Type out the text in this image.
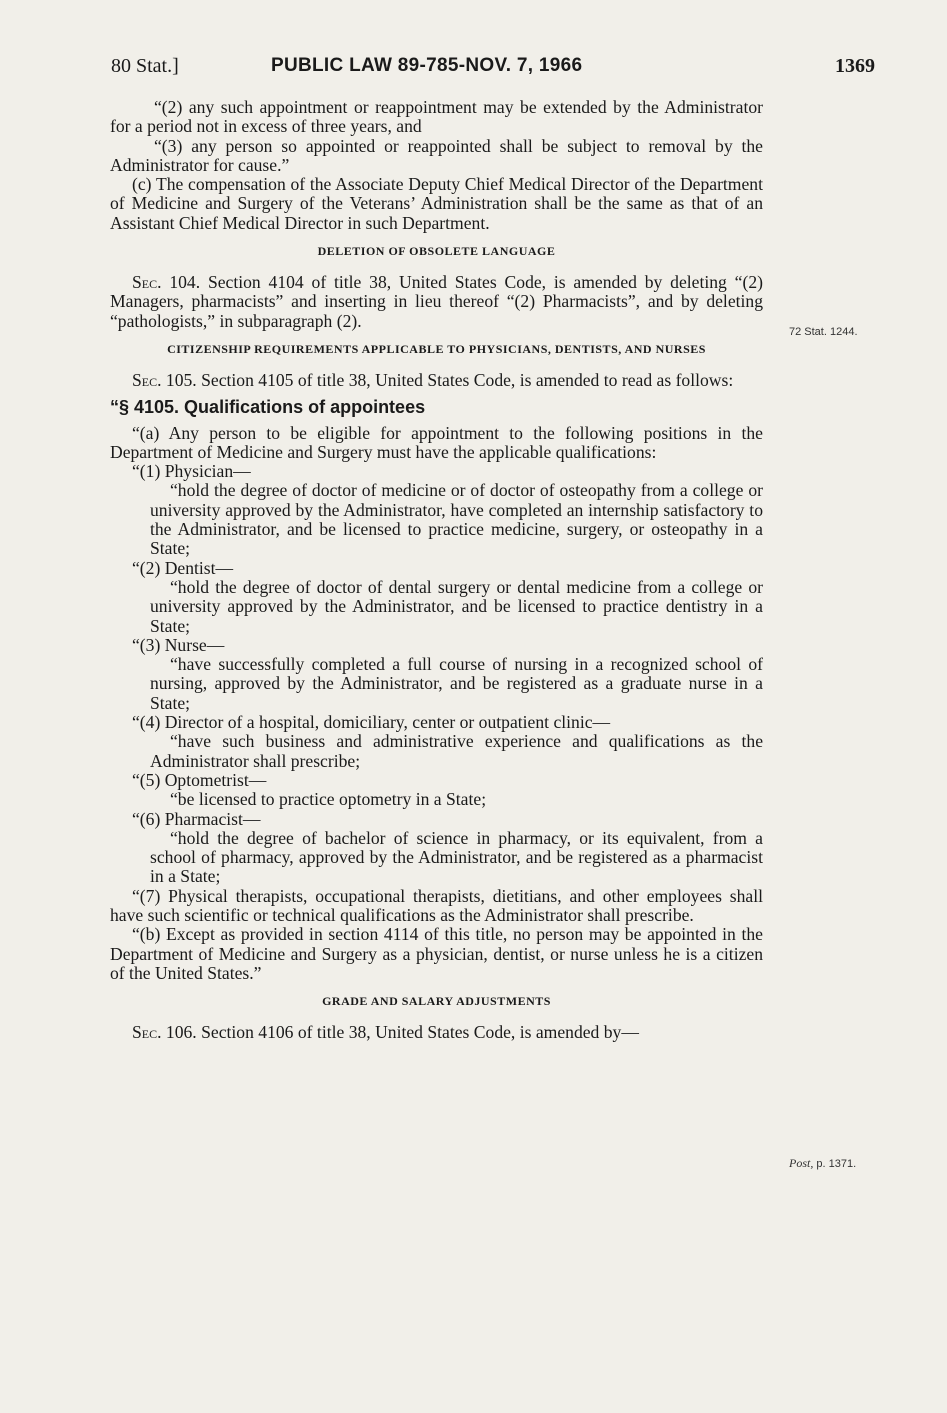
80 Stat.]	PUBLIC LAW 89-785-NOV. 7, 1966	1369
72 Stat. 1244.
Post, p. 1371.

“(2) any such appointment or reappointment may be extended by the Administrator for a period not in excess of three years, and

“(3) any person so appointed or reappointed shall be subject to removal by the Administrator for cause.”

(c) The compensation of the Associate Deputy Chief Medical Director of the Department of Medicine and Surgery of the Veterans’ Administration shall be the same as that of an Assistant Chief Medical Director in such Department.

DELETION OF OBSOLETE LANGUAGE

Sec. 104. Section 4104 of title 38, United States Code, is amended by deleting “(2) Managers, pharmacists” and inserting in lieu thereof “(2) Pharmacists”, and by deleting “pathologists,” in subparagraph (2).

CITIZENSHIP REQUIREMENTS APPLICABLE TO PHYSICIANS, DENTISTS, AND NURSES

Sec. 105. Section 4105 of title 38, United States Code, is amended to read as follows:

“§ 4105. Qualifications of appointees

“(a) Any person to be eligible for appointment to the following positions in the Department of Medicine and Surgery must have the applicable qualifications:

“(1) Physician—

“hold the degree of doctor of medicine or of doctor of osteopathy from a college or university approved by the Administrator, have completed an internship satisfactory to the Administrator, and be licensed to practice medicine, surgery, or osteopathy in a State;

“(2) Dentist—

“hold the degree of doctor of dental surgery or dental medicine from a college or university approved by the Administrator, and be licensed to practice dentistry in a State;

“(3) Nurse—

“have successfully completed a full course of nursing in a recognized school of nursing, approved by the Administrator, and be registered as a graduate nurse in a State;

“(4) Director of a hospital, domiciliary, center or outpatient clinic—

“have such business and administrative experience and qualifications as the Administrator shall prescribe;

“(5) Optometrist—

“be licensed to practice optometry in a State;

“(6) Pharmacist—

“hold the degree of bachelor of science in pharmacy, or its equivalent, from a school of pharmacy, approved by the Administrator, and be registered as a pharmacist in a State;

“(7) Physical therapists, occupational therapists, dietitians, and other employees shall have such scientific or technical qualifications as the Administrator shall prescribe.

“(b) Except as provided in section 4114 of this title, no person may be appointed in the Department of Medicine and Surgery as a physician, dentist, or nurse unless he is a citizen of the United States.”

GRADE AND SALARY ADJUSTMENTS

Sec. 106. Section 4106 of title 38, United States Code, is amended by—
